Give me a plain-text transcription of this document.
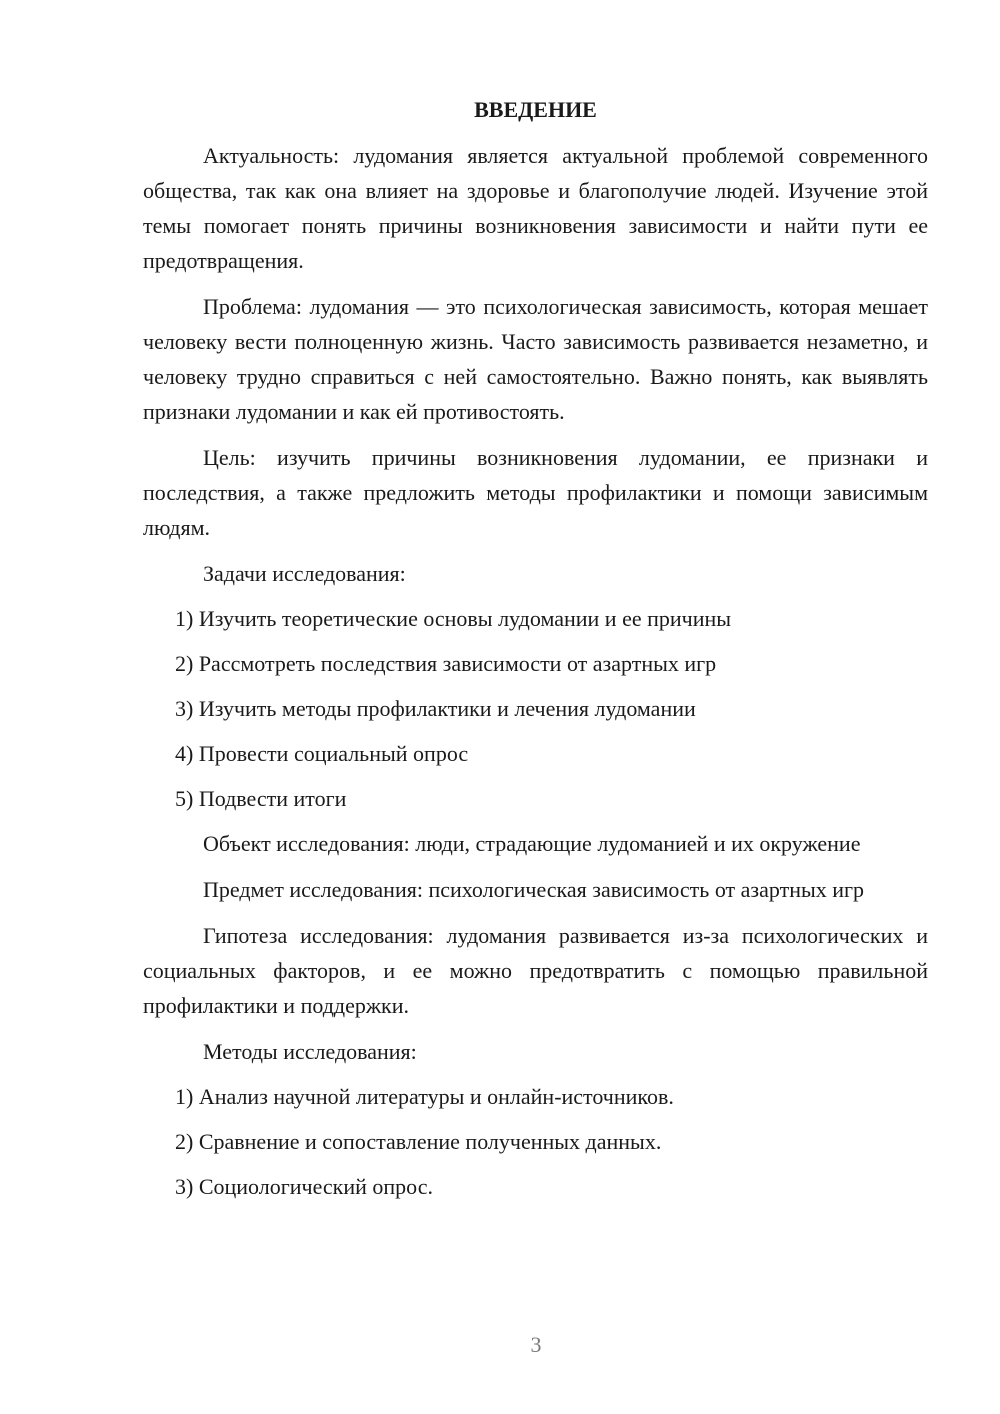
ВВЕДЕНИЕ

Актуальность: лудомания является актуальной проблемой современного общества, так как она влияет на здоровье и благополучие людей. Изучение этой темы помогает понять причины возникновения зависимости и найти пути ее предотвращения.

Проблема: лудомания — это психологическая зависимость, которая мешает человеку вести полноценную жизнь. Часто зависимость развивается незаметно, и человеку трудно справиться с ней самостоятельно. Важно понять, как выявлять признаки лудомании и как ей противостоять.

Цель: изучить причины возникновения лудомании, ее признаки и последствия, а также предложить методы профилактики и помощи зависимым людям.

Задачи исследования:
1) Изучить теоретические основы лудомании и ее причины
2) Рассмотреть последствия зависимости от азартных игр
3) Изучить методы профилактики и лечения лудомании
4) Провести социальный опрос
5) Подвести итоги

Объект исследования: люди, страдающие лудоманией и их окружение

Предмет исследования: психологическая зависимость от азартных игр

Гипотеза исследования: лудомания развивается из-за психологических и социальных факторов, и ее можно предотвратить с помощью правильной профилактики и поддержки.

Методы исследования:
1) Анализ научной литературы и онлайн-источников.
2) Сравнение и сопоставление полученных данных.
3) Социологический опрос.
3
